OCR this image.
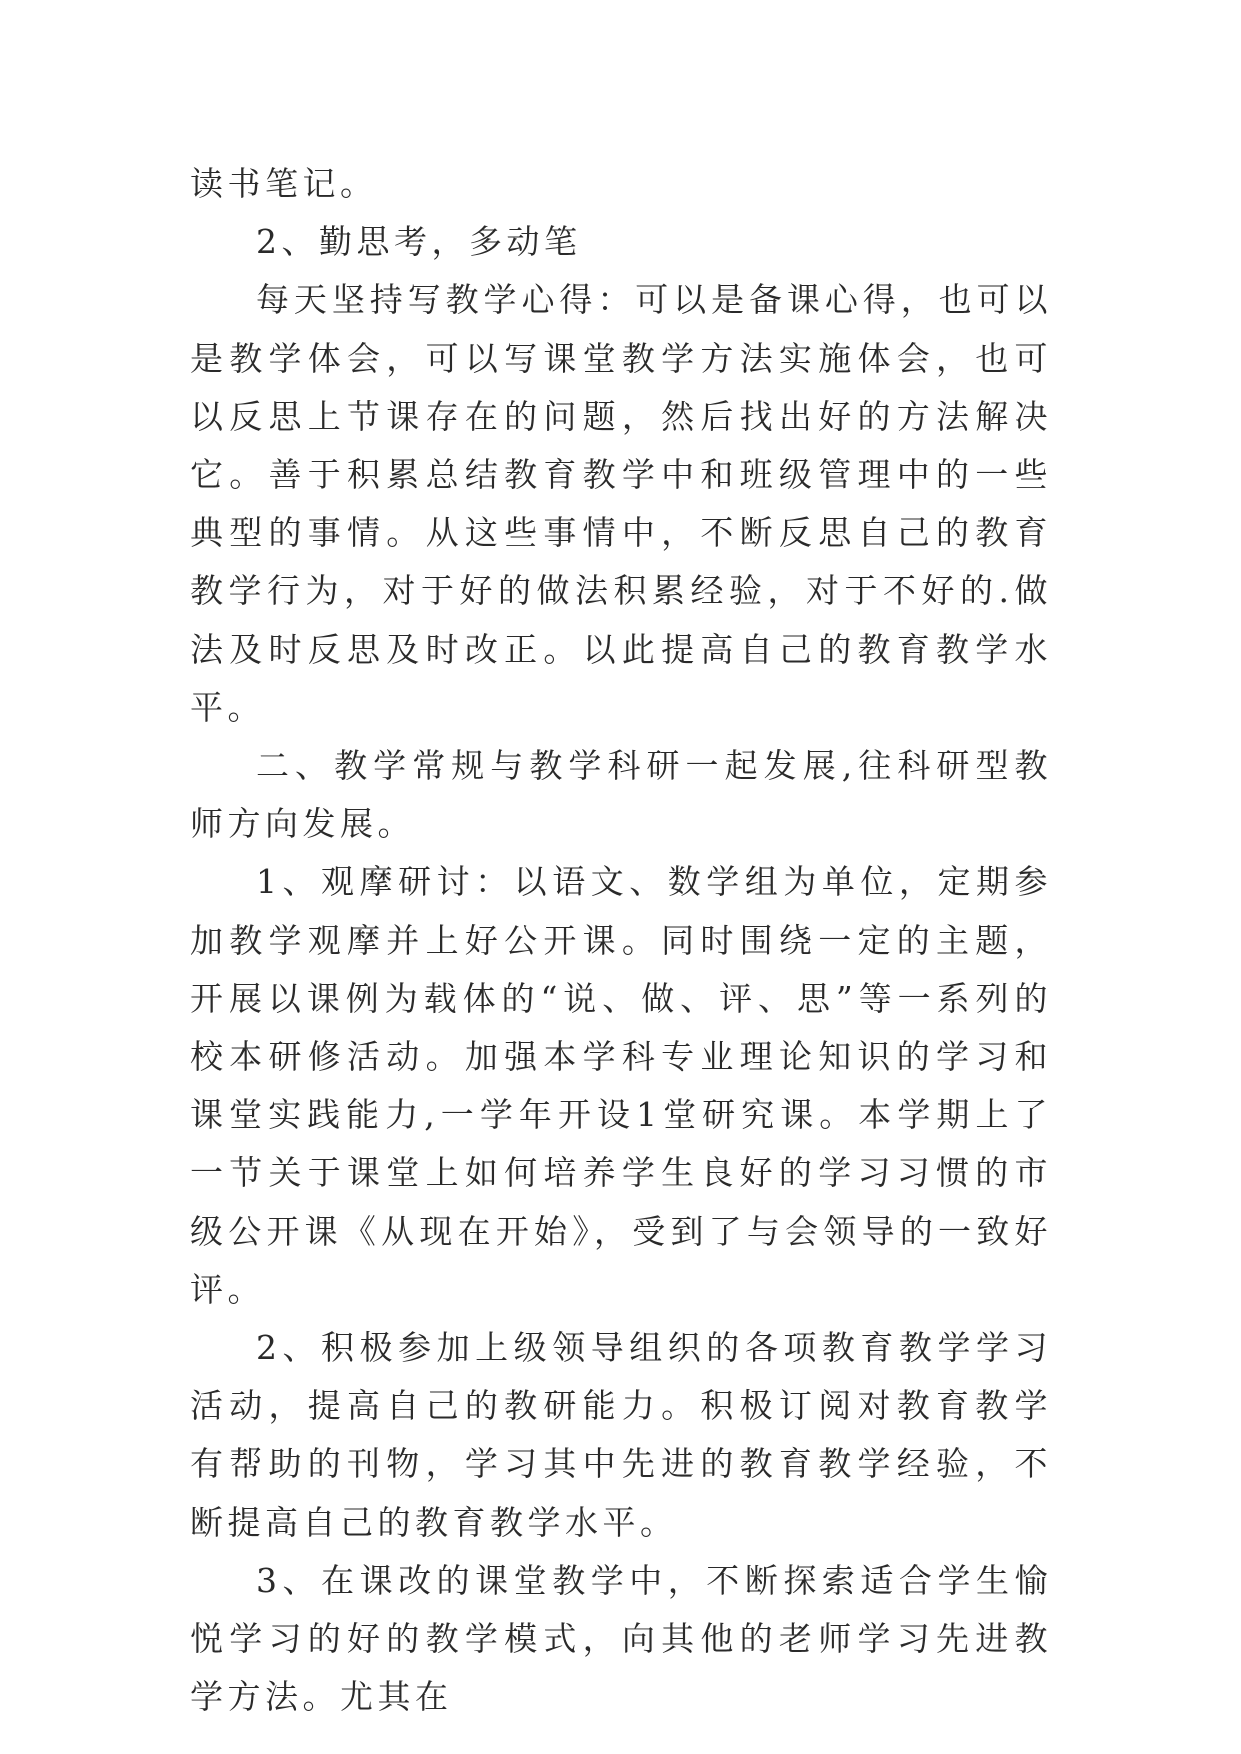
读书笔记。

2、勤思考，多动笔

每天坚持写教学心得：可以是备课心得，也可以是教学体会，可以写课堂教学方法实施体会，也可以反思上节课存在的问题，然后找出好的方法解决它。善于积累总结教育教学中和班级管理中的一些典型的事情。从这些事情中，不断反思自己的教育教学行为，对于好的做法积累经验，对于不好的.做法及时反思及时改正。以此提高自己的教育教学水平。

二、教学常规与教学科研一起发展,往科研型教师方向发展。

1、观摩研讨：以语文、数学组为单位，定期参加教学观摩并上好公开课。同时围绕一定的主题，开展以课例为载体的“说、做、评、思”等一系列的校本研修活动。加强本学科专业理论知识的学习和课堂实践能力,一学年开设1堂研究课。本学期上了一节关于课堂上如何培养学生良好的学习习惯的市级公开课《从现在开始》，受到了与会领导的一致好评。

2、积极参加上级领导组织的各项教育教学学习活动，提高自己的教研能力。积极订阅对教育教学有帮助的刊物，学习其中先进的教育教学经验，不断提高自己的教育教学水平。

3、在课改的课堂教学中，不断探索适合学生愉悦学习的好的教学模式，向其他的老师学习先进教学方法。尤其在
